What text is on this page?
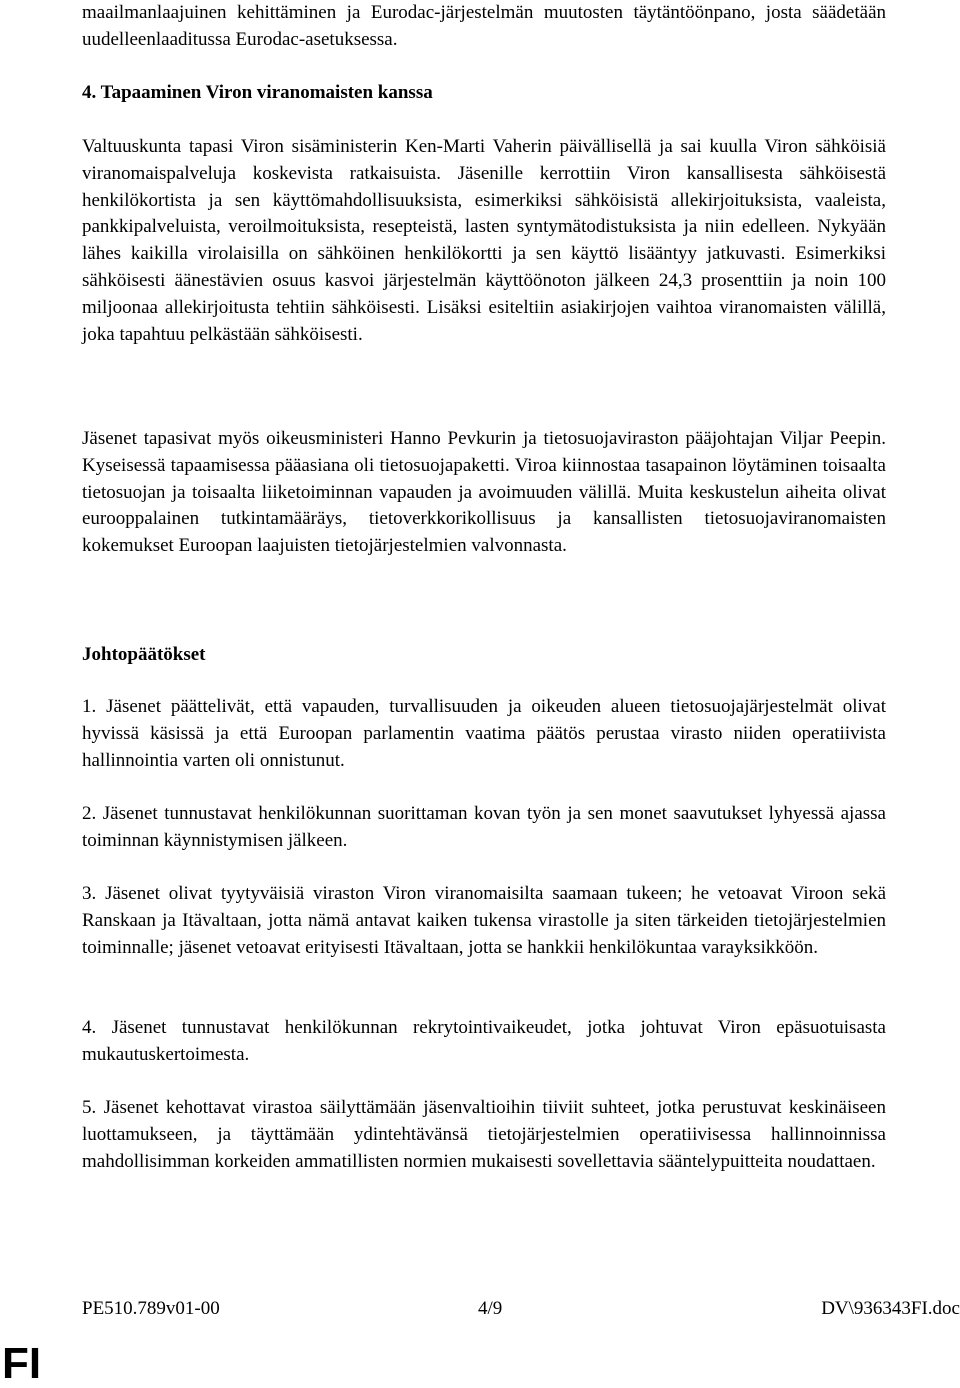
maailmanlaajuinen kehittäminen ja Eurodac-järjestelmän muutosten täytäntöönpano, josta säädetään uudelleenlaaditussa Eurodac-asetuksessa.

4. Tapaaminen Viron viranomaisten kanssa

Valtuuskunta tapasi Viron sisäministerin Ken-Marti Vaherin päivällisellä ja sai kuulla Viron sähköisiä viranomaispalveluja koskevista ratkaisuista. Jäsenille kerrottiin Viron kansallisesta sähköisestä henkilökortista ja sen käyttömahdollisuuksista, esimerkiksi sähköisistä allekirjoituksista, vaaleista, pankkipalveluista, veroilmoituksista, resepteistä, lasten syntymätodistuksista ja niin edelleen. Nykyään lähes kaikilla virolaisilla on sähköinen henkilökortti ja sen käyttö lisääntyy jatkuvasti. Esimerkiksi sähköisesti äänestävien osuus kasvoi järjestelmän käyttöönoton jälkeen 24,3 prosenttiin ja noin 100 miljoonaa allekirjoitusta tehtiin sähköisesti. Lisäksi esiteltiin asiakirjojen vaihtoa viranomaisten välillä, joka tapahtuu pelkästään sähköisesti.

Jäsenet tapasivat myös oikeusministeri Hanno Pevkurin ja tietosuojaviraston pääjohtajan Viljar Peepin. Kyseisessä tapaamisessa pääasiana oli tietosuojapaketti. Viroa kiinnostaa tasapainon löytäminen toisaalta tietosuojan ja toisaalta liiketoiminnan vapauden ja avoimuuden välillä. Muita keskustelun aiheita olivat eurooppalainen tutkintamääräys, tietoverkkorikollisuus ja kansallisten tietosuojaviranomaisten kokemukset Euroopan laajuisten tietojärjestelmien valvonnasta.

Johtopäätökset

1. Jäsenet päättelivät, että vapauden, turvallisuuden ja oikeuden alueen tietosuojajärjestelmät olivat hyvissä käsissä ja että Euroopan parlamentin vaatima päätös perustaa virasto niiden operatiivista hallinnointia varten oli onnistunut.

2. Jäsenet tunnustavat henkilökunnan suorittaman kovan työn ja sen monet saavutukset lyhyessä ajassa toiminnan käynnistymisen jälkeen.

3. Jäsenet olivat tyytyväisiä viraston Viron viranomaisilta saamaan tukeen; he vetoavat Viroon sekä Ranskaan ja Itävaltaan, jotta nämä antavat kaiken tukensa virastolle ja siten tärkeiden tietojärjestelmien toiminnalle; jäsenet vetoavat erityisesti Itävaltaan, jotta se hankkii henkilökuntaa varayksikköön.

4. Jäsenet tunnustavat henkilökunnan rekrytointivaikeudet, jotka johtuvat Viron epäsuotuisasta mukautuskertoimesta.

5. Jäsenet kehottavat virastoa säilyttämään jäsenvaltioihin tiiviit suhteet, jotka perustuvat keskinäiseen luottamukseen, ja täyttämään ydintehtävänsä tietojärjestelmien operatiivisessa hallinnoinnissa mahdollisimman korkeiden ammatillisten normien mukaisesti sovellettavia sääntelypuitteita noudattaen.

PE510.789v01-00	4/9	DV\936343FI.doc
FI
